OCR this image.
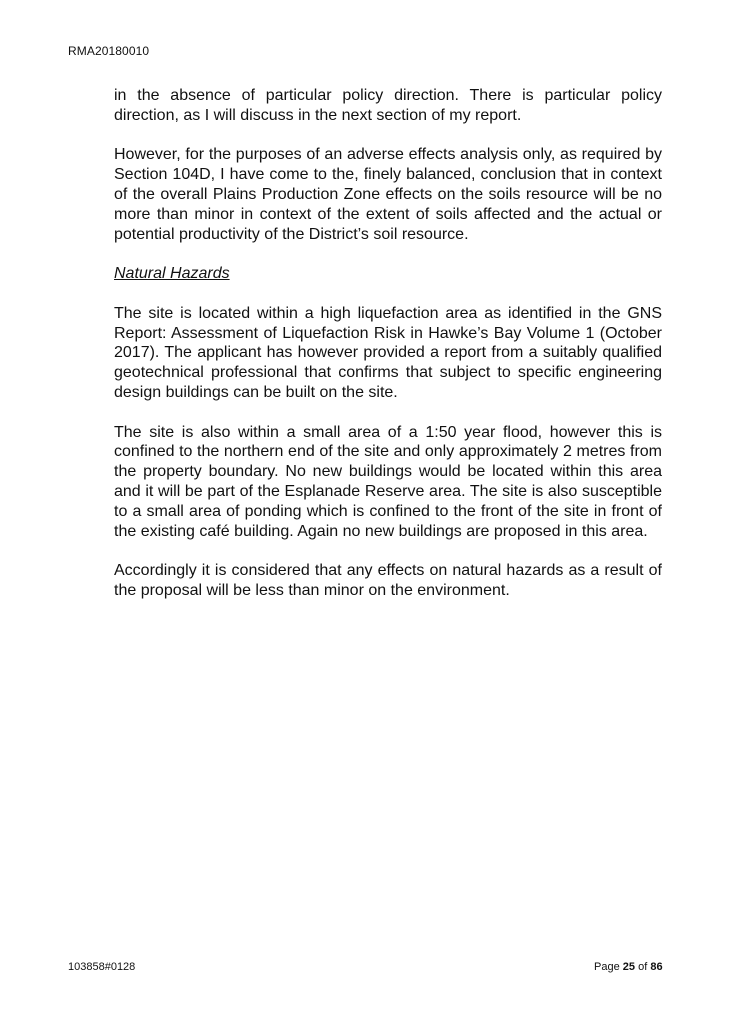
RMA20180010

in the absence of particular policy direction. There is particular policy direction, as I will discuss in the next section of my report.

However, for the purposes of an adverse effects analysis only, as required by Section 104D, I have come to the, finely balanced, conclusion that in context of the overall Plains Production Zone effects on the soils resource will be no more than minor in context of the extent of soils affected and the actual or potential productivity of the District’s soil resource.

Natural Hazards

The site is located within a high liquefaction area as identified in the GNS Report: Assessment of Liquefaction Risk in Hawke’s Bay Volume 1 (October 2017). The applicant has however provided a report from a suitably qualified geotechnical professional that confirms that subject to specific engineering design buildings can be built on the site.

The site is also within a small area of a 1:50 year flood, however this is confined to the northern end of the site and only approximately 2 metres from the property boundary. No new buildings would be located within this area and it will be part of the Esplanade Reserve area. The site is also susceptible to a small area of ponding which is confined to the front of the site in front of the existing café building. Again no new buildings are proposed in this area.

Accordingly it is considered that any effects on natural hazards as a result of the proposal will be less than minor on the environment.

103858#0128	Page 25 of 86
